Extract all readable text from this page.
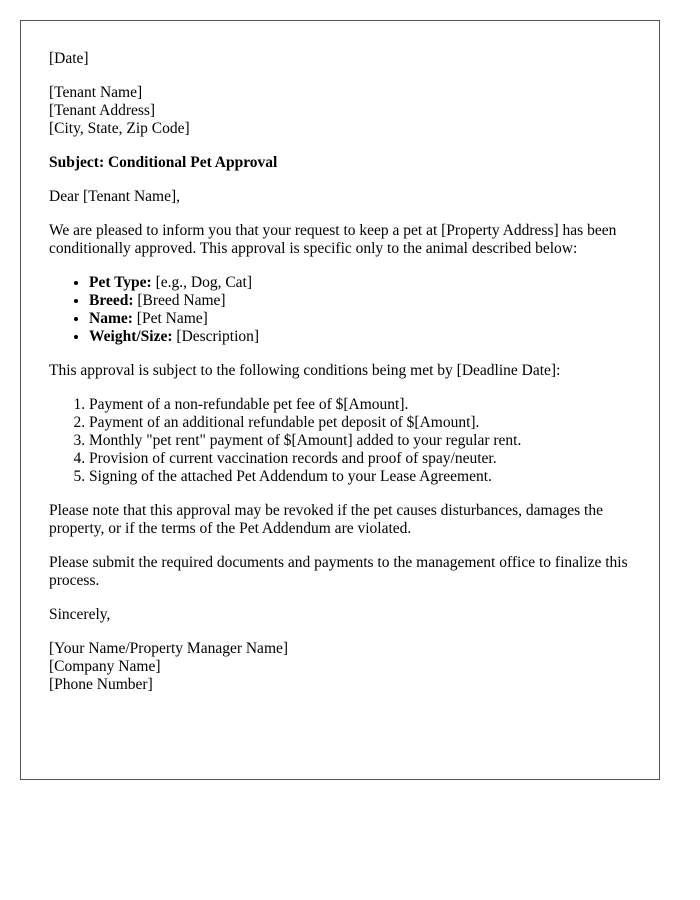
[Date]
[Tenant Name]
[Tenant Address]
[City, State, Zip Code]
Subject: Conditional Pet Approval
Dear [Tenant Name],
We are pleased to inform you that your request to keep a pet at [Property Address] has been conditionally approved. This approval is specific only to the animal described below:
• Pet Type: [e.g., Dog, Cat]
• Breed: [Breed Name]
• Name: [Pet Name]
• Weight/Size: [Description]
This approval is subject to the following conditions being met by [Deadline Date]:
1. Payment of a non-refundable pet fee of $[Amount].
2. Payment of an additional refundable pet deposit of $[Amount].
3. Monthly "pet rent" payment of $[Amount] added to your regular rent.
4. Provision of current vaccination records and proof of spay/neuter.
5. Signing of the attached Pet Addendum to your Lease Agreement.
Please note that this approval may be revoked if the pet causes disturbances, damages the property, or if the terms of the Pet Addendum are violated.
Please submit the required documents and payments to the management office to finalize this process.
Sincerely,
[Your Name/Property Manager Name]
[Company Name]
[Phone Number]
